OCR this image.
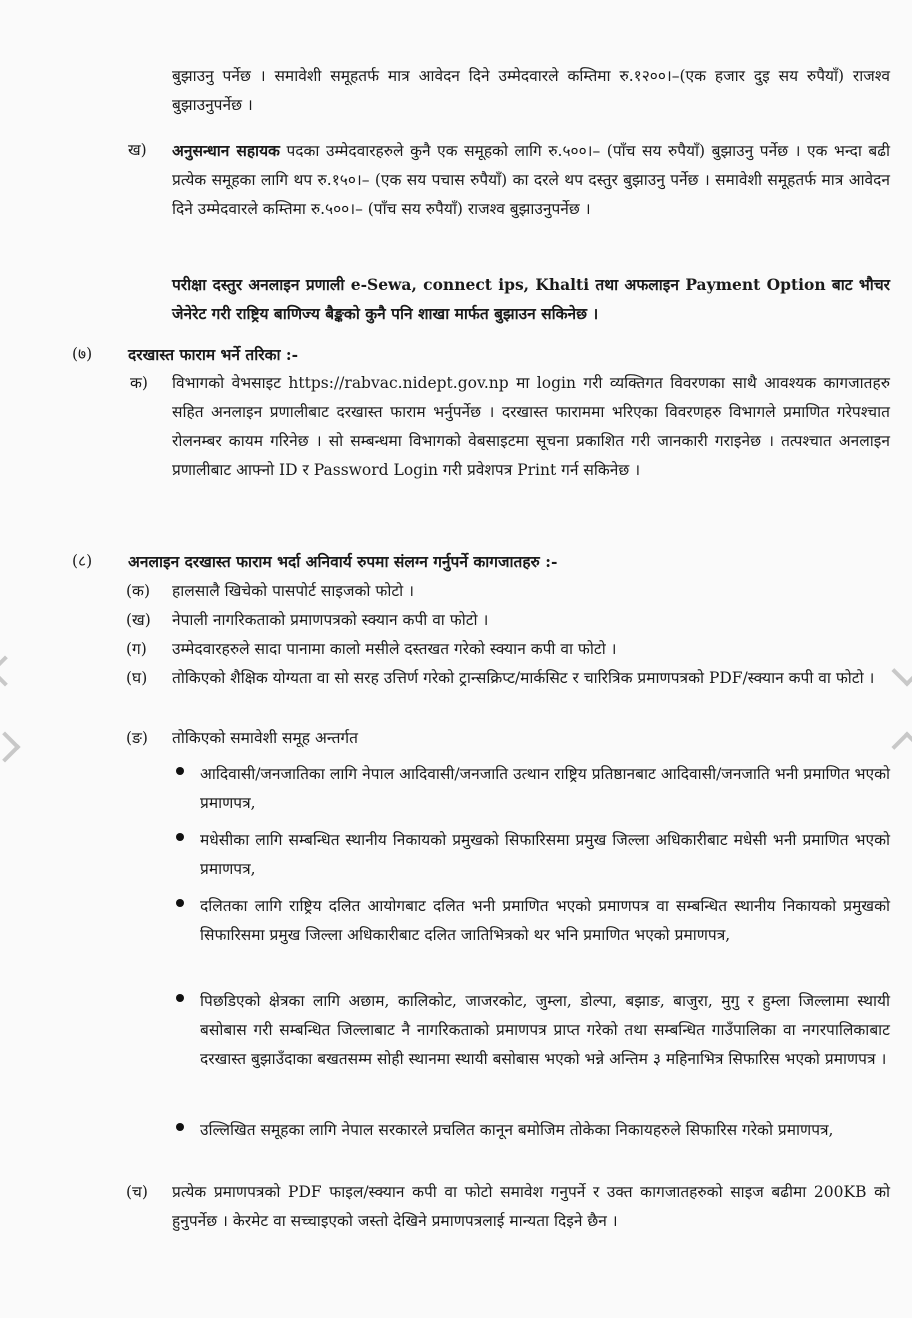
बुझाउनु पर्नेछ । समावेशी समूहतर्फ मात्र आवेदन दिने उम्मेदवारले कम्तिमा रु.१२००।–(एक हजार दुइ सय रुपैयाँ) राजश्व बुझाउनुपर्नेछ ।

ख) अनुसन्धान सहायक पदका उम्मेदवारहरुले कुनै एक समूहको लागि रु.५००।– (पाँच सय रुपैयाँ) बुझाउनु पर्नेछ । एक भन्दा बढी प्रत्येक समूहका लागि थप रु.१५०।– (एक सय पचास रुपैयाँ) का दरले थप दस्तुर बुझाउनु पर्नेछ । समावेशी समूहतर्फ मात्र आवेदन दिने उम्मेदवारले कम्तिमा रु.५००।– (पाँच सय रुपैयाँ) राजश्व बुझाउनुपर्नेछ ।

परीक्षा दस्तुर अनलाइन प्रणाली e-Sewa, connect ips, Khalti तथा अफलाइन Payment Option बाट भौचर जेनेरेट गरी राष्ट्रिय बाणिज्य बैङ्कको कुनै पनि शाखा मार्फत बुझाउन सकिनेछ ।

(७) दरखास्त फाराम भर्ने तरिका :-

क) विभागको वेभसाइट https://rabvac.nidept.gov.np मा login गरी व्यक्तिगत विवरणका साथै आवश्यक कागजातहरु सहित अनलाइन प्रणालीबाट दरखास्त फाराम भर्नुपर्नेछ । दरखास्त फाराममा भरिएका विवरणहरु विभागले प्रमाणित गरेपश्चात रोलनम्बर कायम गरिनेछ । सो सम्बन्धमा विभागको वेबसाइटमा सूचना प्रकाशित गरी जानकारी गराइनेछ । तत्पश्चात अनलाइन प्रणालीबाट आफ्नो ID र Password Login गरी प्रवेशपत्र Print गर्न सकिनेछ ।

(८) अनलाइन दरखास्त फाराम भर्दा अनिवार्य रुपमा संलग्न गर्नुपर्ने कागजातहरु :-

(क) हालसालै खिचेको पासपोर्ट साइजको फोटो ।

(ख) नेपाली नागरिकताको प्रमाणपत्रको स्क्यान कपी वा फोटो ।

(ग) उम्मेदवारहरुले सादा पानामा कालो मसीले दस्तखत गरेको स्क्यान कपी वा फोटो ।

(घ) तोकिएको शैक्षिक योग्यता वा सो सरह उत्तिर्ण गरेको ट्रान्सक्रिप्ट/मार्कसिट र चारित्रिक प्रमाणपत्रको PDF/स्क्यान कपी वा फोटो ।

(ङ) तोकिएको समावेशी समूह अन्तर्गत

आदिवासी/जनजातिका लागि नेपाल आदिवासी/जनजाति उत्थान राष्ट्रिय प्रतिष्ठानबाट आदिवासी/जनजाति भनी प्रमाणित भएको प्रमाणपत्र,

मधेसीका लागि सम्बन्धित स्थानीय निकायको प्रमुखको सिफारिसमा प्रमुख जिल्ला अधिकारीबाट मधेसी भनी प्रमाणित भएको प्रमाणपत्र,

दलितका लागि राष्ट्रिय दलित आयोगबाट दलित भनी प्रमाणित भएको प्रमाणपत्र वा सम्बन्धित स्थानीय निकायको प्रमुखको सिफारिसमा प्रमुख जिल्ला अधिकारीबाट दलित जातिभित्रको थर भनि प्रमाणित भएको प्रमाणपत्र,

पिछडिएको क्षेत्रका लागि अछाम, कालिकोट, जाजरकोट, जुम्ला, डोल्पा, बझाङ, बाजुरा, मुगु र हुम्ला जिल्लामा स्थायी बसोबास गरी सम्बन्धित जिल्लाबाट नै नागरिकताको प्रमाणपत्र प्राप्त गरेको तथा सम्बन्धित गाउँपालिका वा नगरपालिकाबाट दरखास्त बुझाउँदाका बखतसम्म सोही स्थानमा स्थायी बसोबास भएको भन्ने अन्तिम ३ महिनाभित्र सिफारिस भएको प्रमाणपत्र ।

उल्लिखित समूहका लागि नेपाल सरकारले प्रचलित कानून बमोजिम तोकेका निकायहरुले सिफारिस गरेको प्रमाणपत्र,

(च) प्रत्येक प्रमाणपत्रको PDF फाइल/स्क्यान कपी वा फोटो समावेश गनुपर्ने र उक्त कागजातहरुको साइज बढीमा 200KB को हुनुपर्नेछ । केरमेट वा सच्चाइएको जस्तो देखिने प्रमाणपत्रलाई मान्यता दिइने छैन ।
